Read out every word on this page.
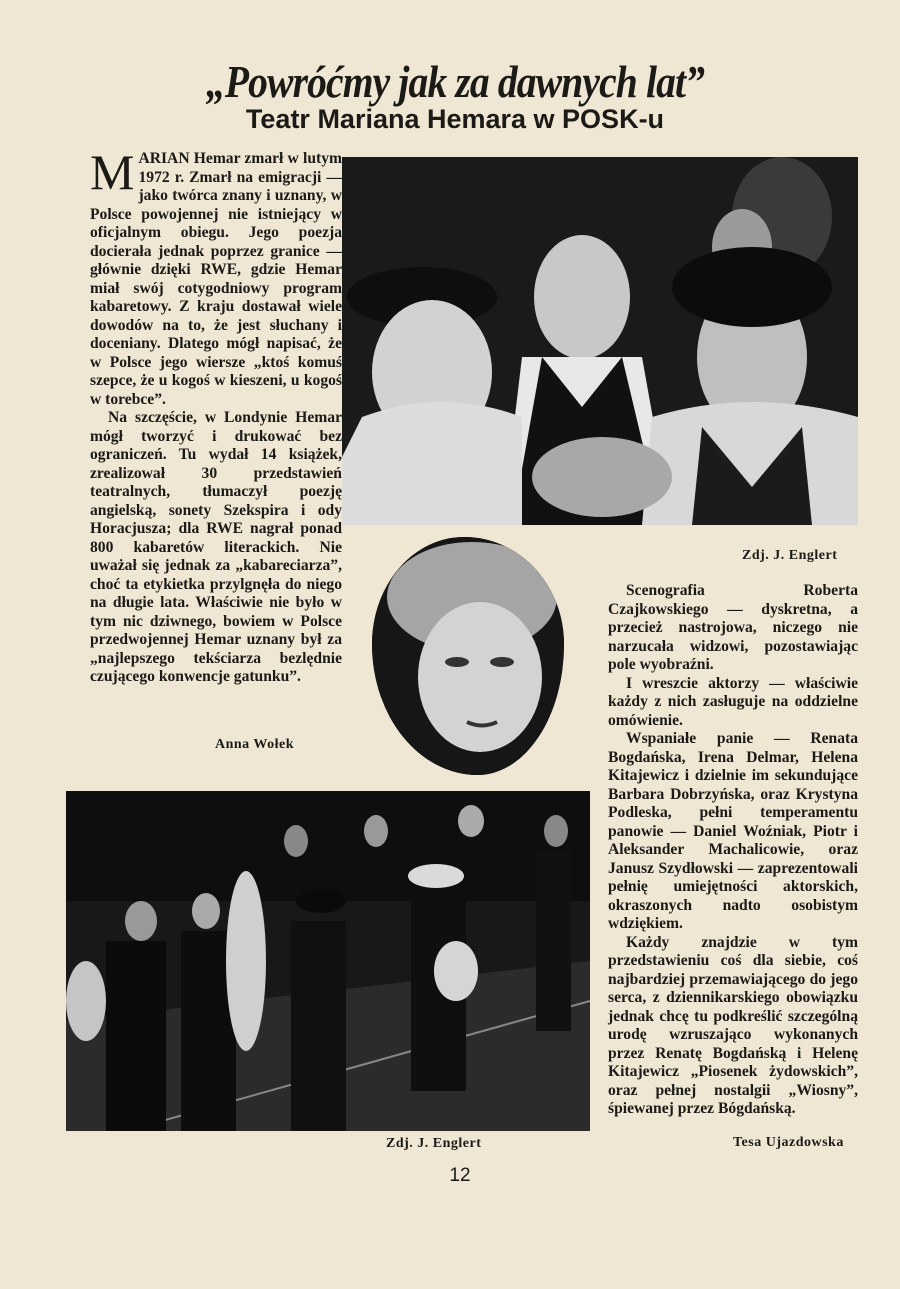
„Powróćmy jak za dawnych lat”
Teatr Mariana Hemara w POSK-u

Zdj. J. Englert

Zdj. J. Englert

MARIAN Hemar zmarł w lutym 1972 r. Zmarł na emigracji — jako twórca znany i uznany, w Polsce powojennej nie istniejący w oficjalnym obiegu. Jego poezja docierała jednak poprzez granice — głównie dzięki RWE, gdzie Hemar miał swój cotygodniowy program kabaretowy. Z kraju dostawał wiele dowodów na to, że jest słuchany i doceniany. Dlatego mógł napisać, że w Polsce jego wiersze „ktoś komuś szepce, że u kogoś w kieszeni, u kogoś w torebce”.

Na szczęście, w Londynie Hemar mógł tworzyć i drukować bez ograniczeń. Tu wydał 14 książek, zrealizował 30 przedstawień teatralnych, tłumaczył poezję angielską, sonety Szekspira i ody Horacjusza; dla RWE nagrał ponad 800 kabaretów literackich. Nie uważał się jednak za „kabareciarza”, choć ta etykietka przylgnęła do niego na długie lata. Właściwie nie było w tym nic dziwnego, bowiem w Polsce przedwojennej Hemar uznany był za „najlepszego tekściarza bezlędnie czującego konwencje gatunku”.

Anna Wołek

Scenografia Roberta Czajkowskiego — dyskretna, a przecież nastrojowa, niczego nie narzucała widzowi, pozostawiając pole wyobraźni.

I wreszcie aktorzy — właściwie każdy z nich zasługuje na oddzielne omówienie.

Wspaniałe panie — Renata Bogdańska, Irena Delmar, Helena Kitajewicz i dzielnie im sekundujące Barbara Dobrzyńska, oraz Krystyna Podleska, pełni temperamentu panowie — Daniel Woźniak, Piotr i Aleksander Machalicowie, oraz Janusz Szydłowski — zaprezentowali pełnię umiejętności aktorskich, okraszonych nadto osobistym wdziękiem.

Każdy znajdzie w tym przedstawieniu coś dla siebie, coś najbardziej przemawiającego do jego serca, z dziennikarskiego obowiązku jednak chcę tu podkreślić szczególną urodę wzruszająco wykonanych przez Renatę Bogdańską i Helenę Kitajewicz „Piosenek żydowskich”, oraz pełnej nostalgii „Wiosny”, śpiewanej przez Bógdańską.

Tesa Ujazdowska

12
